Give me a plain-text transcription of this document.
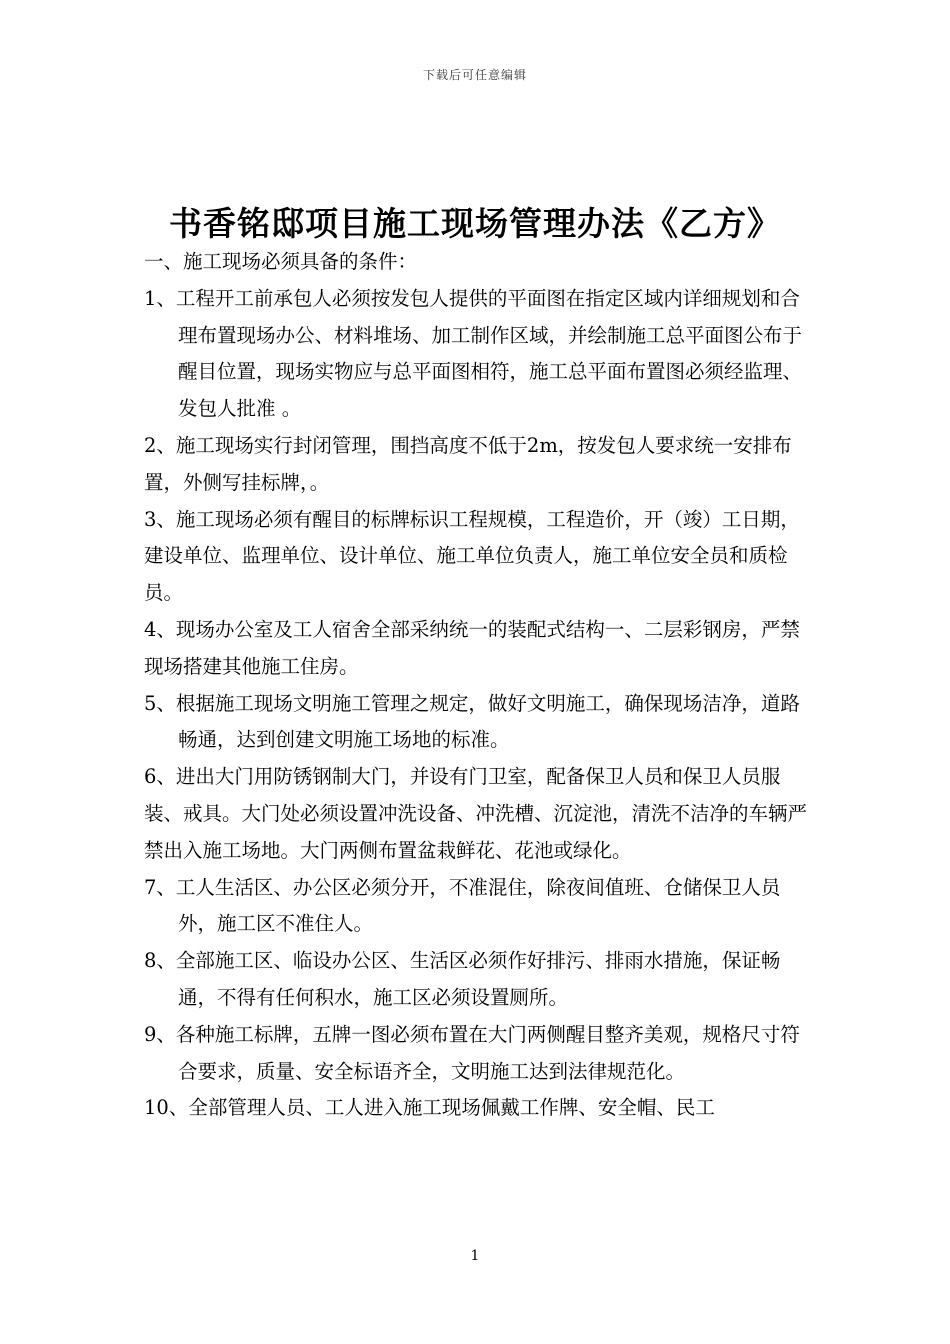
下载后可任意编辑
书香铭邸项目施工现场管理办法《乙方》

一、施工现场必须具备的条件：

1、工程开工前承包人必须按发包人提供的平面图在指定区域内详细规划和合理布置现场办公、材料堆场、加工制作区域，并绘制施工总平面图公布于醒目位置，现场实物应与总平面图相符，施工总平面布置图必须经监理、发包人批准 。

2、施工现场实行封闭管理，围挡高度不低于2m，按发包人要求统一安排布置，外侧写挂标牌，。

3、施工现场必须有醒目的标牌标识工程规模，工程造价，开（竣）工日期，建设单位、监理单位、设计单位、施工单位负责人，施工单位安全员和质检员。

4、现场办公室及工人宿舍全部采纳统一的装配式结构一、二层彩钢房，严禁现场搭建其他施工住房。

5、根据施工现场文明施工管理之规定，做好文明施工，确保现场洁净，道路畅通，达到创建文明施工场地的标准。

6、进出大门用防锈钢制大门，并设有门卫室，配备保卫人员和保卫人员服装、戒具。大门处必须设置冲洗设备、冲洗槽、沉淀池，清洗不洁净的车辆严禁出入施工场地。大门两侧布置盆栽鲜花、花池或绿化。

7、工人生活区、办公区必须分开，不准混住，除夜间值班、仓储保卫人员外，施工区不准住人。

8、全部施工区、临设办公区、生活区必须作好排污、排雨水措施，保证畅通，不得有任何积水，施工区必须设置厕所。

9、各种施工标牌，五牌一图必须布置在大门两侧醒目整齐美观，规格尺寸符合要求，质量、安全标语齐全，文明施工达到法律规范化。

10、全部管理人员、工人进入施工现场佩戴工作牌、安全帽、民工

1
